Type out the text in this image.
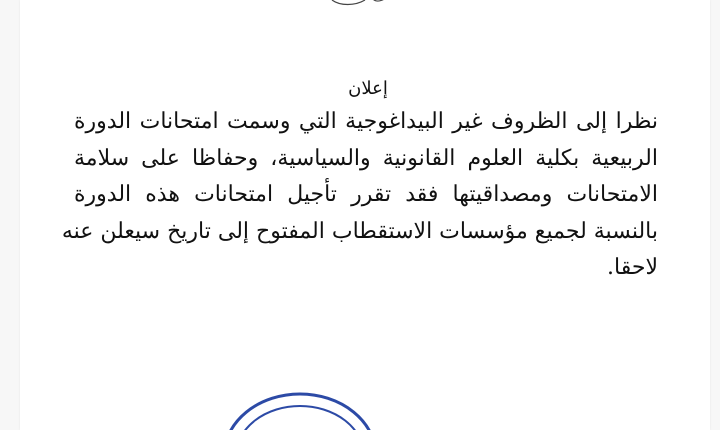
إعلان
نظرا إلى الظروف غير البيداغوجية التي وسمت امتحانات الدورة
الربيعية بكلية العلوم القانونية والسياسية، وحفاظا على سلامة
الامتحانات ومصداقيتها فقد تقرر تأجيل امتحانات هذه الدورة
بالنسبة لجميع مؤسسات الاستقطاب المفتوح إلى تاريخ سيعلن عنه
لاحقا.
